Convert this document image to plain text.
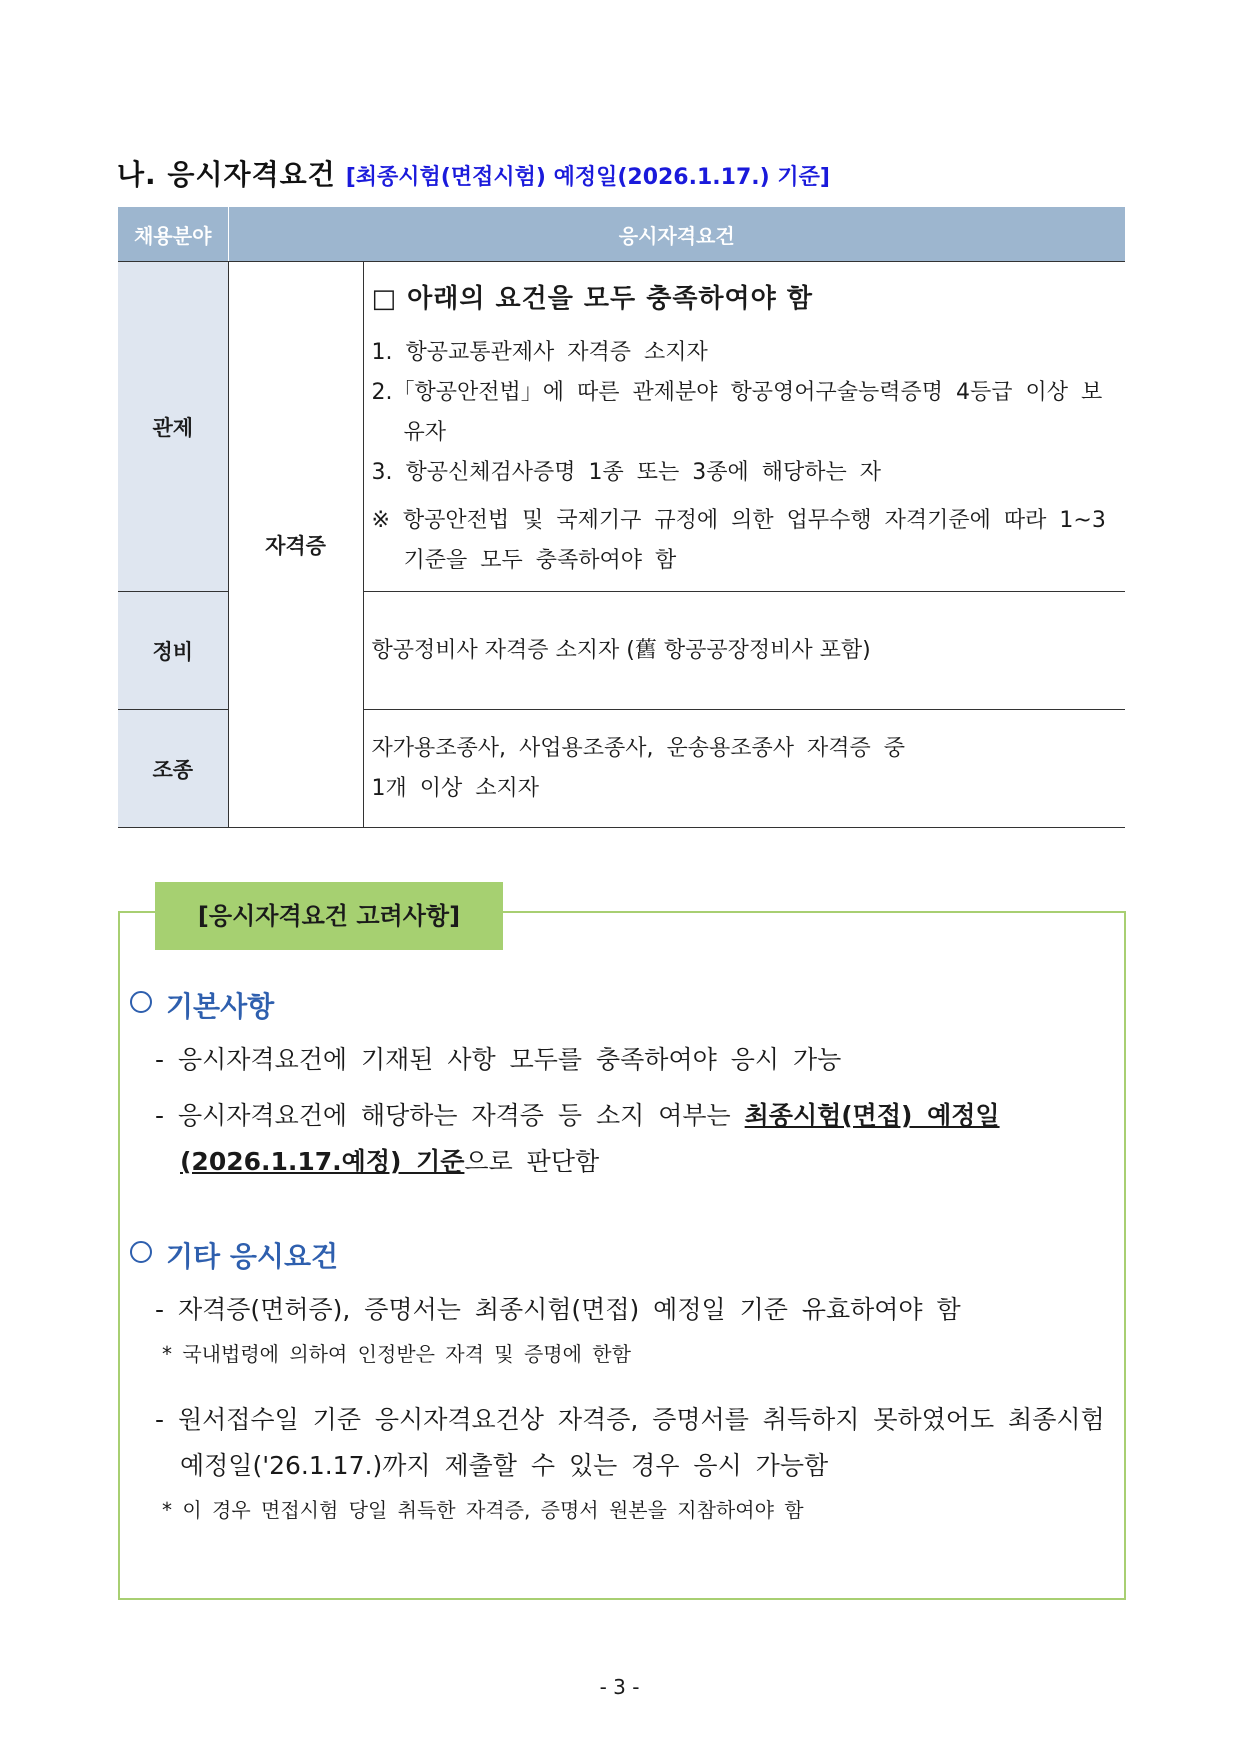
나. 응시자격요건 [최종시험(면접시험) 예정일(2026.1.17.) 기준]
채용분야	응시자격요건	
관제	자격증	□ 아래의 요건을 모두 충족하여야 함
1. 항공교통관제사 자격증 소지자
2.「항공안전법」에 따른 관제분야 항공영어구술능력증명 4등급 이상 보유자
3. 항공신체검사증명 1종 또는 3종에 해당하는 자
※ 항공안전법 및 국제기구 규정에 의한 업무수행 자격기준에 따라 1~3기준을 모두 충족하여야 함

정비		항공정비사 자격증 소지자 (舊 항공공장정비사 포함)
조종		자가용조종사, 사업용조종사, 운송용조종사 자격증 중
1개 이상 소지자
[응시자격요건 고려사항]
기본사항
- 응시자격요건에 기재된 사항 모두를 충족하여야 응시 가능
- 응시자격요건에 해당하는 자격증 등 소지 여부는 최종시험(면접) 예정일
(2026.1.17.예정) 기준으로 판단함
기타 응시요건
- 자격증(면허증), 증명서는 최종시험(면접) 예정일 기준 유효하여야 함
* 국내법령에 의하여 인정받은 자격 및 증명에 한함
- 원서접수일 기준 응시자격요건상 자격증, 증명서를 취득하지 못하였어도 최종시험
예정일('26.1.17.)까지 제출할 수 있는 경우 응시 가능함
* 이 경우 면접시험 당일 취득한 자격증, 증명서 원본을 지참하여야 함
- 3 -
